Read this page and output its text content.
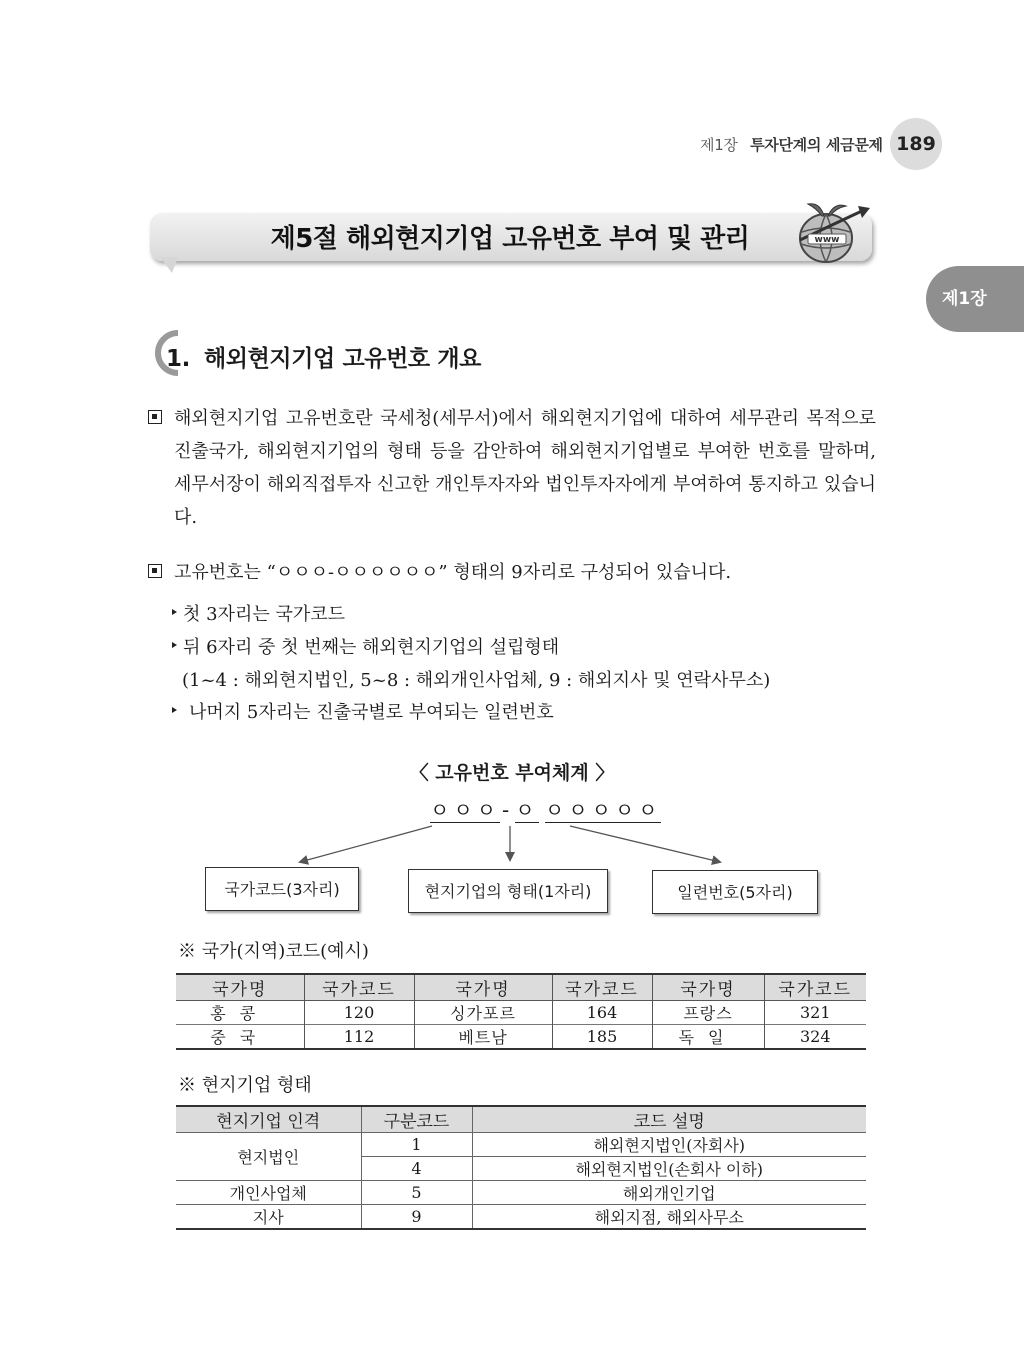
제1장 투자단계의 세금문제 189
제1장
제5절 해외현지기업 고유번호 부여 및 관리	www
1. 해외현지기업 고유번호 개요
해외현지기업 고유번호란 국세청(세무서)에서 해외현지기업에 대하여 세무관리 목적으로 진출국가, 해외현지기업의 형태 등을 감안하여 해외현지기업별로 부여한 번호를 말하며, 세무서장이 해외직접투자 신고한 개인투자자와 법인투자자에게 부여하여 통지하고 있습니다.
고유번호는 “ㅇㅇㅇ-ㅇㅇㅇㅇㅇㅇ” 형태의 9자리로 구성되어 있습니다.
첫 3자리는 국가코드
뒤 6자리 중 첫 번째는 해외현지기업의 설립형태
(1~4 : 해외현지법인, 5~8 : 해외개인사업체, 9 : 해외지사 및 연락사무소)
나머지 5자리는 진출국별로 부여되는 일련번호
〈 고유번호 부여체계 〉
ㅇㅇㅇ - ㅇ ㅇㅇㅇㅇㅇ
국가코드(3자리)	현지기업의 형태(1자리)	일련번호(5자리)
※ 국가(지역)코드(예시)
국가명	국가코드	국가명	국가코드	국가명	국가코드
홍콩	120	싱가포르	164	프랑스	321
중국	112	베트남	185	독일	324
※ 현지기업 형태
현지기업 인격	구분코드	코드 설명
현지법인	1	해외현지법인(자회사)
	4	해외현지법인(손회사 이하)
개인사업체	5	해외개인기업
지사	9	해외지점, 해외사무소
